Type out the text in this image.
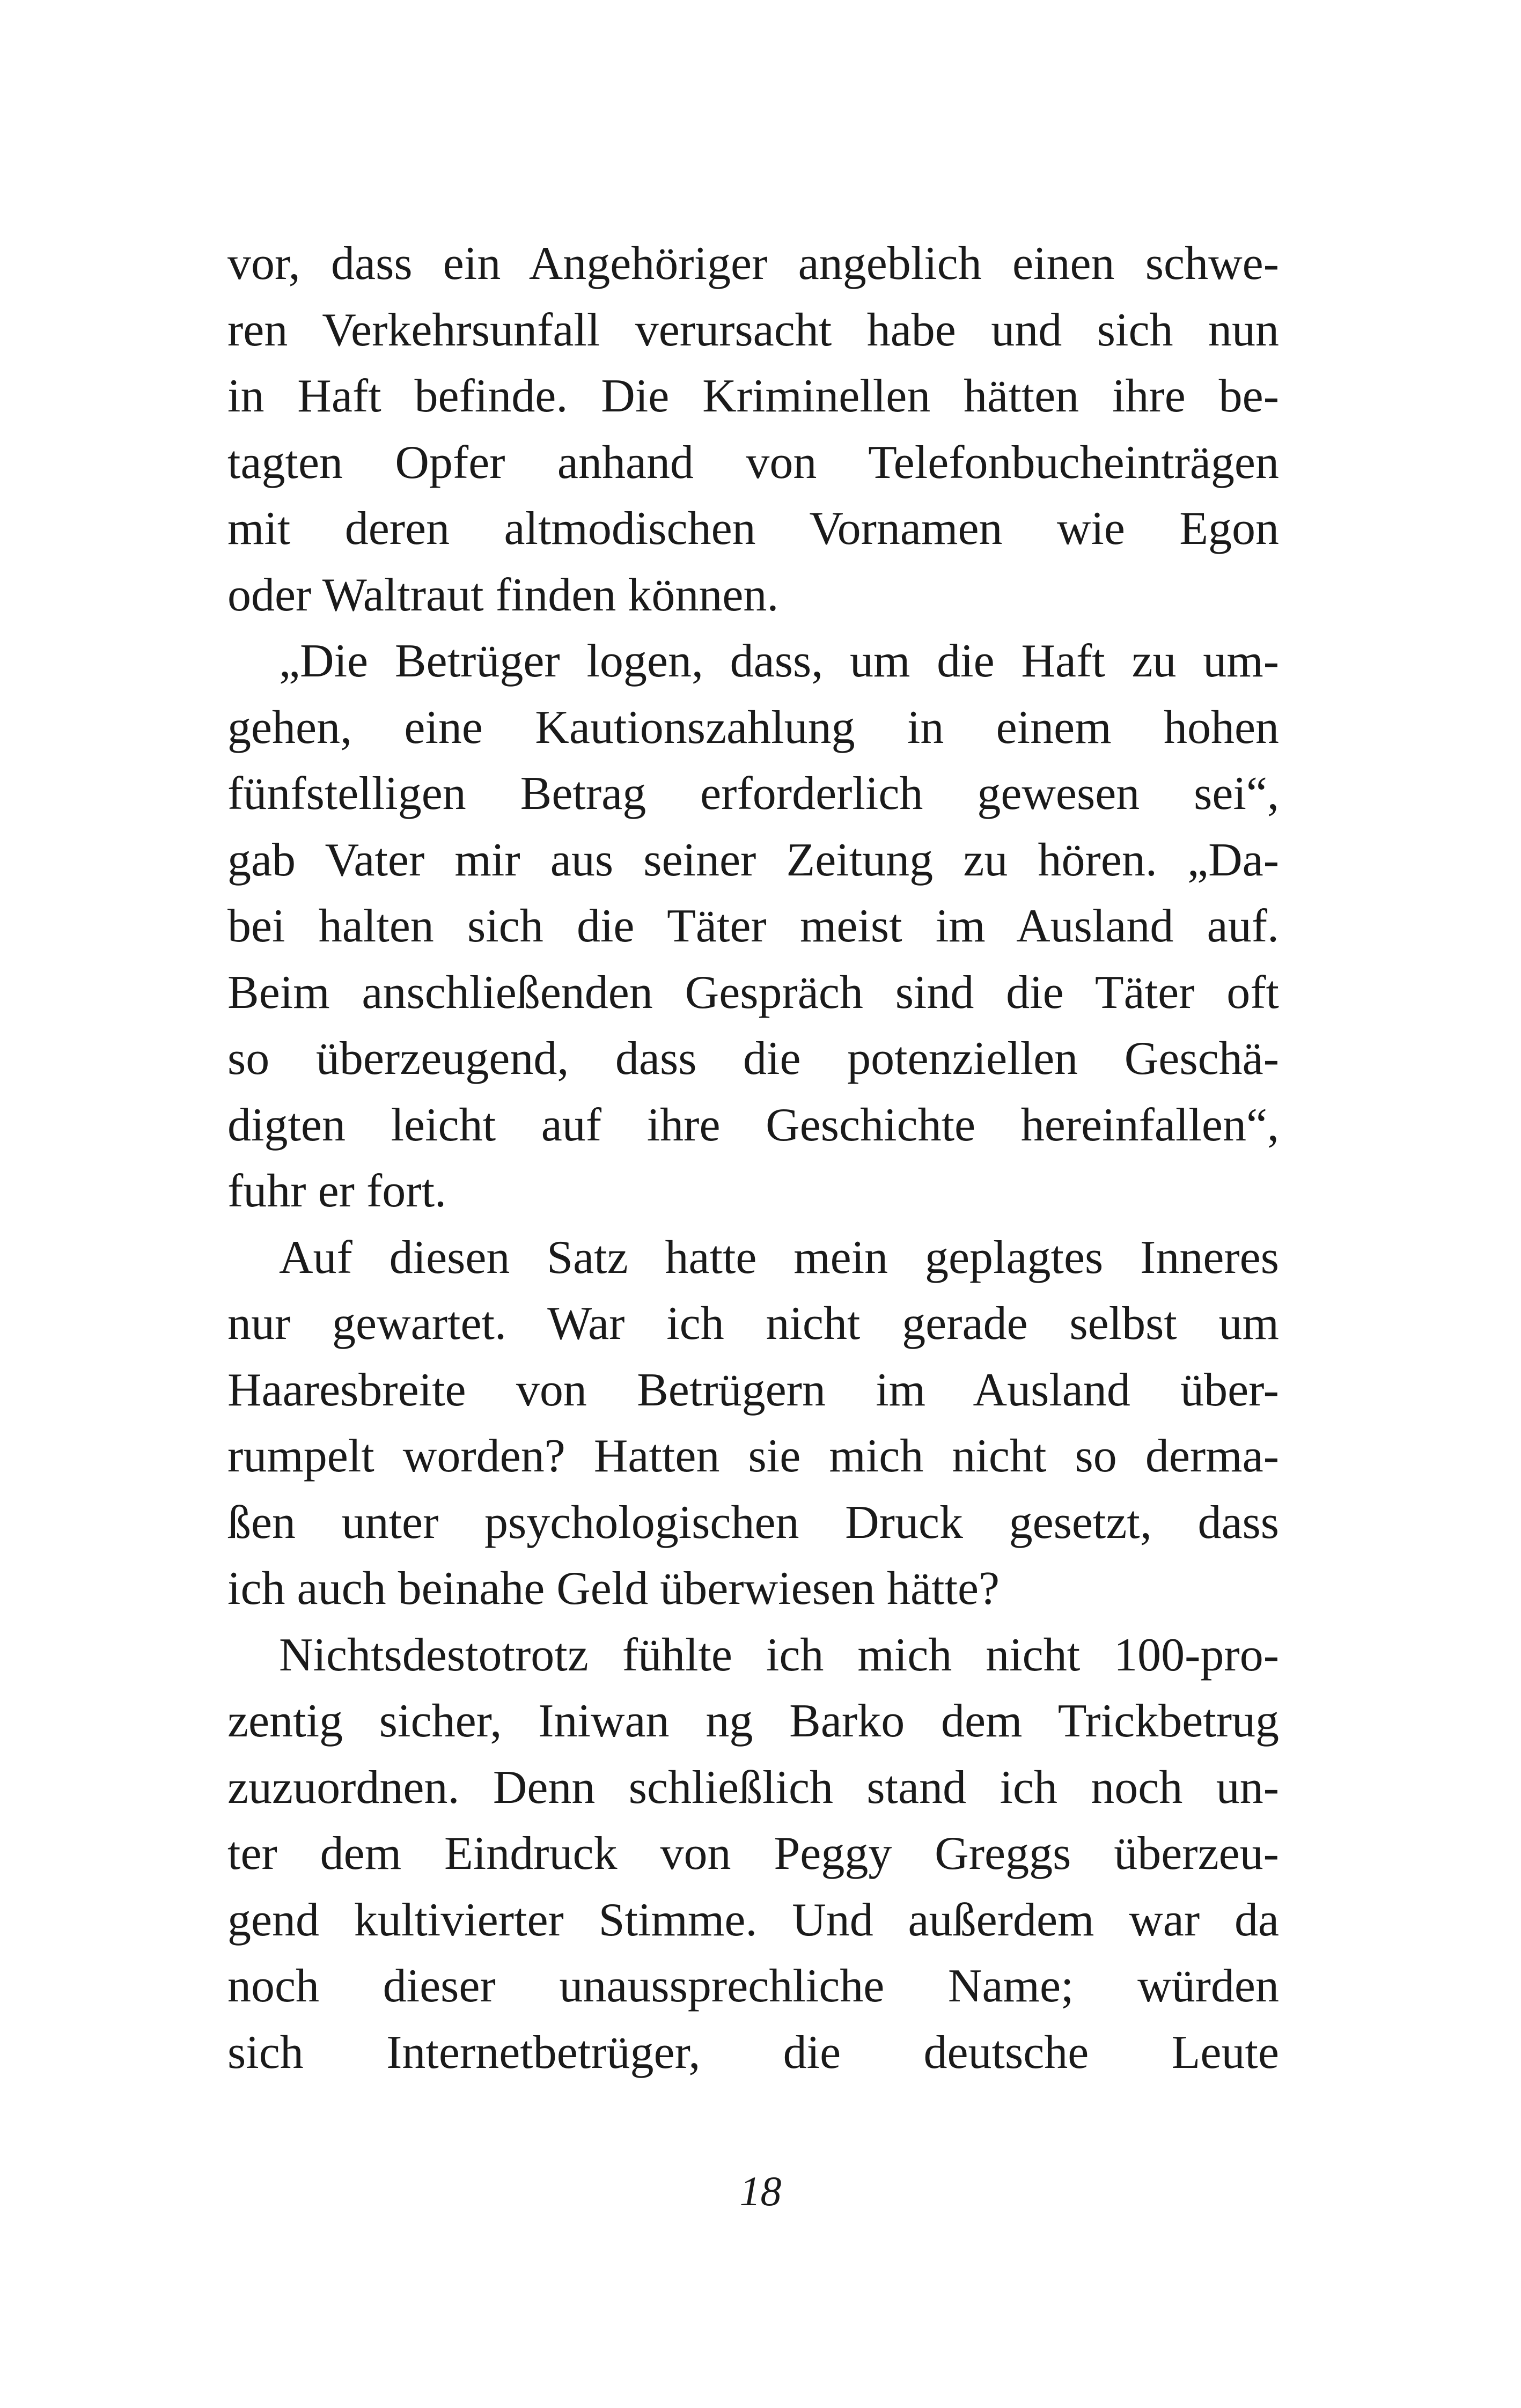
vor, dass ein Angehöriger angeblich einen schwe-
ren Verkehrsunfall verursacht habe und sich nun
in Haft befinde. Die Kriminellen hätten ihre be-
tagten Opfer anhand von Telefonbucheinträgen
mit deren altmodischen Vornamen wie Egon
oder Waltraut finden können.
„Die Betrüger logen, dass, um die Haft zu um-
gehen, eine Kautionszahlung in einem hohen
fünfstelligen Betrag erforderlich gewesen sei“,
gab Vater mir aus seiner Zeitung zu hören. „Da-
bei halten sich die Täter meist im Ausland auf.
Beim anschließenden Gespräch sind die Täter oft
so überzeugend, dass die potenziellen Geschä-
digten leicht auf ihre Geschichte hereinfallen“,
fuhr er fort.
Auf diesen Satz hatte mein geplagtes Inneres
nur gewartet. War ich nicht gerade selbst um
Haaresbreite von Betrügern im Ausland über-
rumpelt worden? Hatten sie mich nicht so derma-
ßen unter psychologischen Druck gesetzt, dass
ich auch beinahe Geld überwiesen hätte?
Nichtsdestotrotz fühlte ich mich nicht 100-pro-
zentig sicher, Iniwan ng Barko dem Trickbetrug
zuzuordnen. Denn schließlich stand ich noch un-
ter dem Eindruck von Peggy Greggs überzeu-
gend kultivierter Stimme. Und außerdem war da
noch dieser unaussprechliche Name; würden
sich Internetbetrüger, die deutsche Leute
18
